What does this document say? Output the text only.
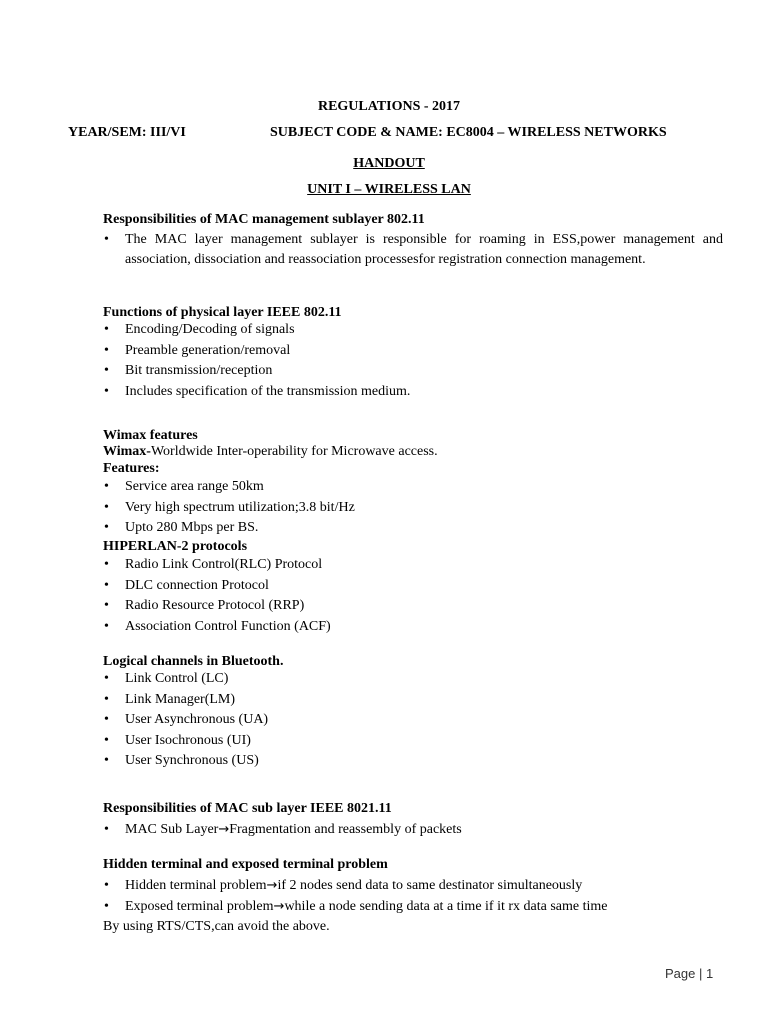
REGULATIONS - 2017
YEAR/SEM: III/VI	SUBJECT CODE & NAME: EC8004 – WIRELESS NETWORKS
HANDOUT
UNIT I – WIRELESS LAN
Responsibilities of MAC management sublayer 802.11
• The MAC layer management sublayer is responsible for roaming in ESS,power management and association, dissociation and reassociation processesfor registration connection management.
Functions of physical layer IEEE 802.11
• Encoding/Decoding of signals
• Preamble generation/removal
• Bit transmission/reception
• Includes specification of the transmission medium.
Wimax features
Wimax-Worldwide Inter-operability for Microwave access.
Features:
• Service area range 50km
• Very high spectrum utilization;3.8 bit/Hz
• Upto 280 Mbps per BS.
HIPERLAN-2 protocols
• Radio Link Control(RLC) Protocol
• DLC connection Protocol
• Radio Resource Protocol (RRP)
• Association Control Function (ACF)
Logical channels in Bluetooth.
• Link Control (LC)
• Link Manager(LM)
• User Asynchronous (UA)
• User Isochronous (UI)
• User Synchronous (US)
Responsibilities of MAC sub layer IEEE 8021.11
• MAC Sub Layer→Fragmentation and reassembly of packets
Hidden terminal and exposed terminal problem
• Hidden terminal problem→if 2 nodes send data to same destinator simultaneously
• Exposed terminal problem→while a node sending data at a time if it rx data same time
By using RTS/CTS,can avoid the above.
Page | 1
